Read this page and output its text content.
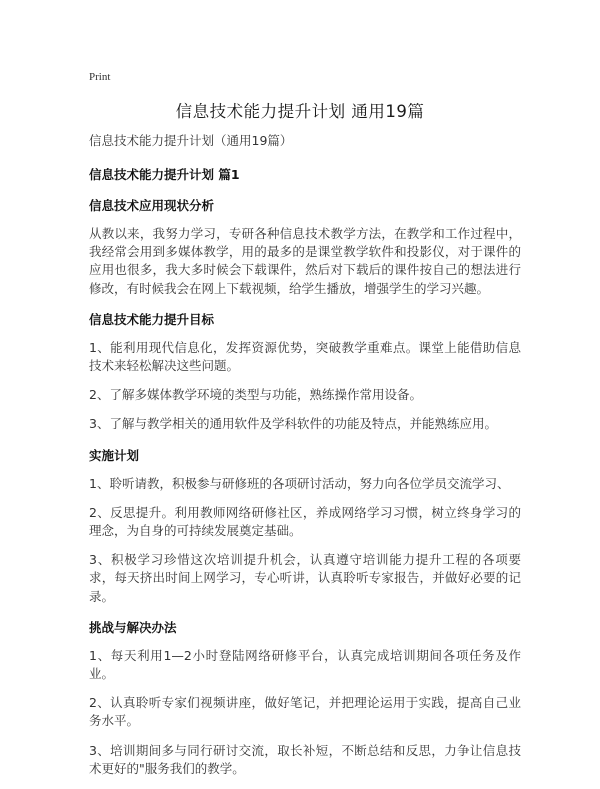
Print
信息技术能力提升计划 通用19篇

信息技术能力提升计划（通用19篇）

信息技术能力提升计划 篇1

信息技术应用现状分析

从教以来，我努力学习，专研各种信息技术教学方法，在教学和工作过程中，我经常会用到多媒体教学，用的最多的是课堂教学软件和投影仪，对于课件的应用也很多，我大多时候会下载课件，然后对下载后的课件按自己的想法进行修改，有时候我会在网上下载视频，给学生播放，增强学生的学习兴趣。

信息技术能力提升目标

1、能利用现代信息化，发挥资源优势，突破教学重难点。课堂上能借助信息技术来轻松解决这些问题。

2、了解多媒体教学环境的类型与功能，熟练操作常用设备。

3、了解与教学相关的通用软件及学科软件的功能及特点，并能熟练应用。

实施计划

1、聆听请教，积极参与研修班的各项研讨活动，努力向各位学员交流学习、

2、反思提升。利用教师网络研修社区，养成网络学习习惯，树立终身学习的理念，为自身的可持续发展奠定基础。

3、积极学习珍惜这次培训提升机会，认真遵守培训能力提升工程的各项要求，每天挤出时间上网学习，专心听讲，认真聆听专家报告，并做好必要的记录。

挑战与解决办法

1、每天利用1—2小时登陆网络研修平台，认真完成培训期间各项任务及作业。

2、认真聆听专家们视频讲座，做好笔记，并把理论运用于实践，提高自己业务水平。

3、培训期间多与同行研讨交流，取长补短，不断总结和反思，力争让信息技术更好的"服务我们的教学。
